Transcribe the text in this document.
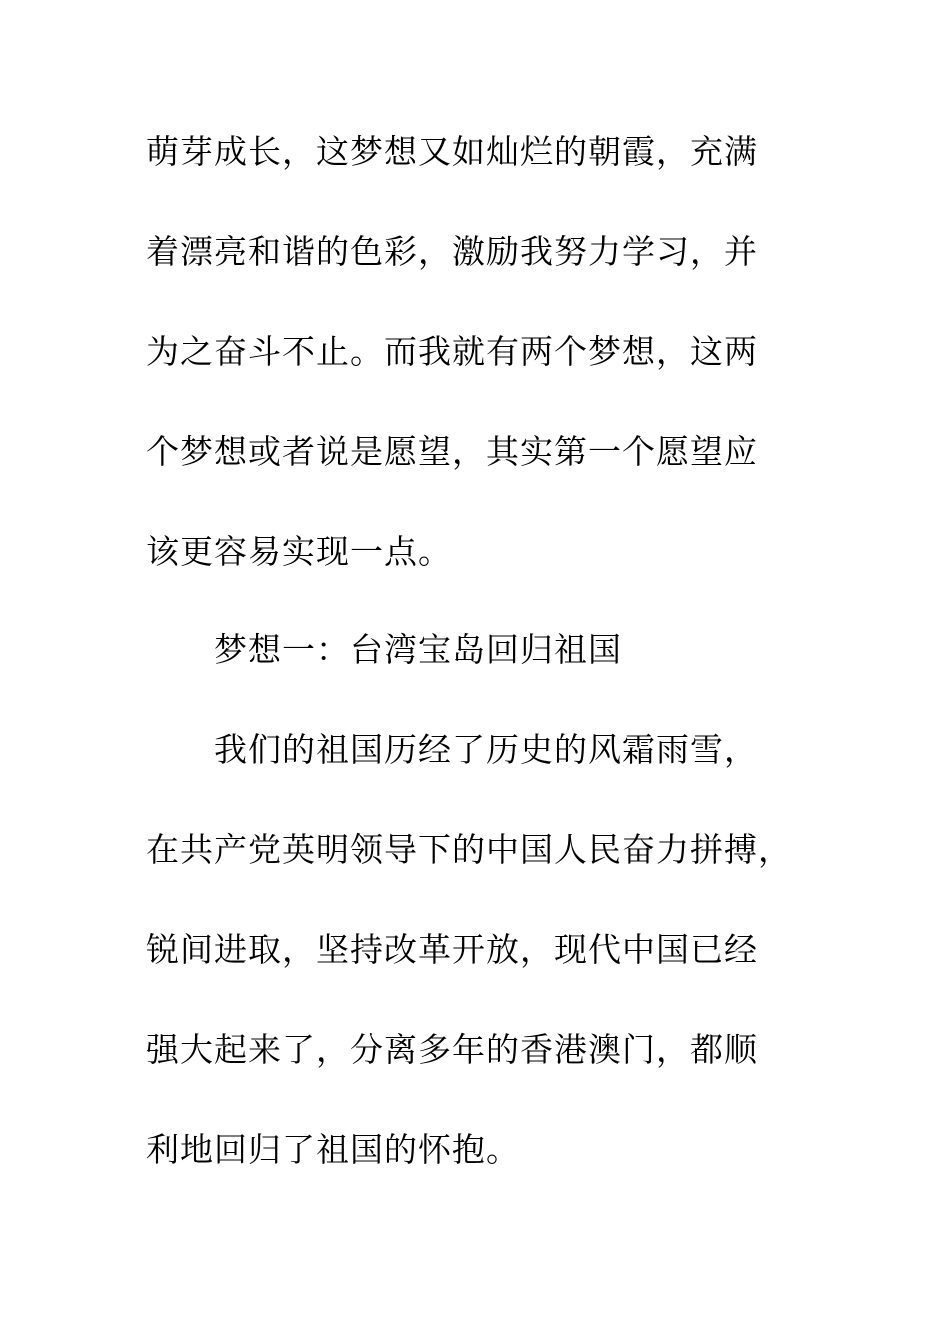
萌芽成长，这梦想又如灿烂的朝霞，充满
着漂亮和谐的色彩，激励我努力学习，并
为之奋斗不止。而我就有两个梦想，这两
个梦想或者说是愿望，其实第一个愿望应
该更容易实现一点。
梦想一：台湾宝岛回归祖国
我们的祖国历经了历史的风霜雨雪，
在共产党英明领导下的中国人民奋力拼搏，
锐间进取，坚持改革开放，现代中国已经
强大起来了，分离多年的香港澳门，都顺
利地回归了祖国的怀抱。
